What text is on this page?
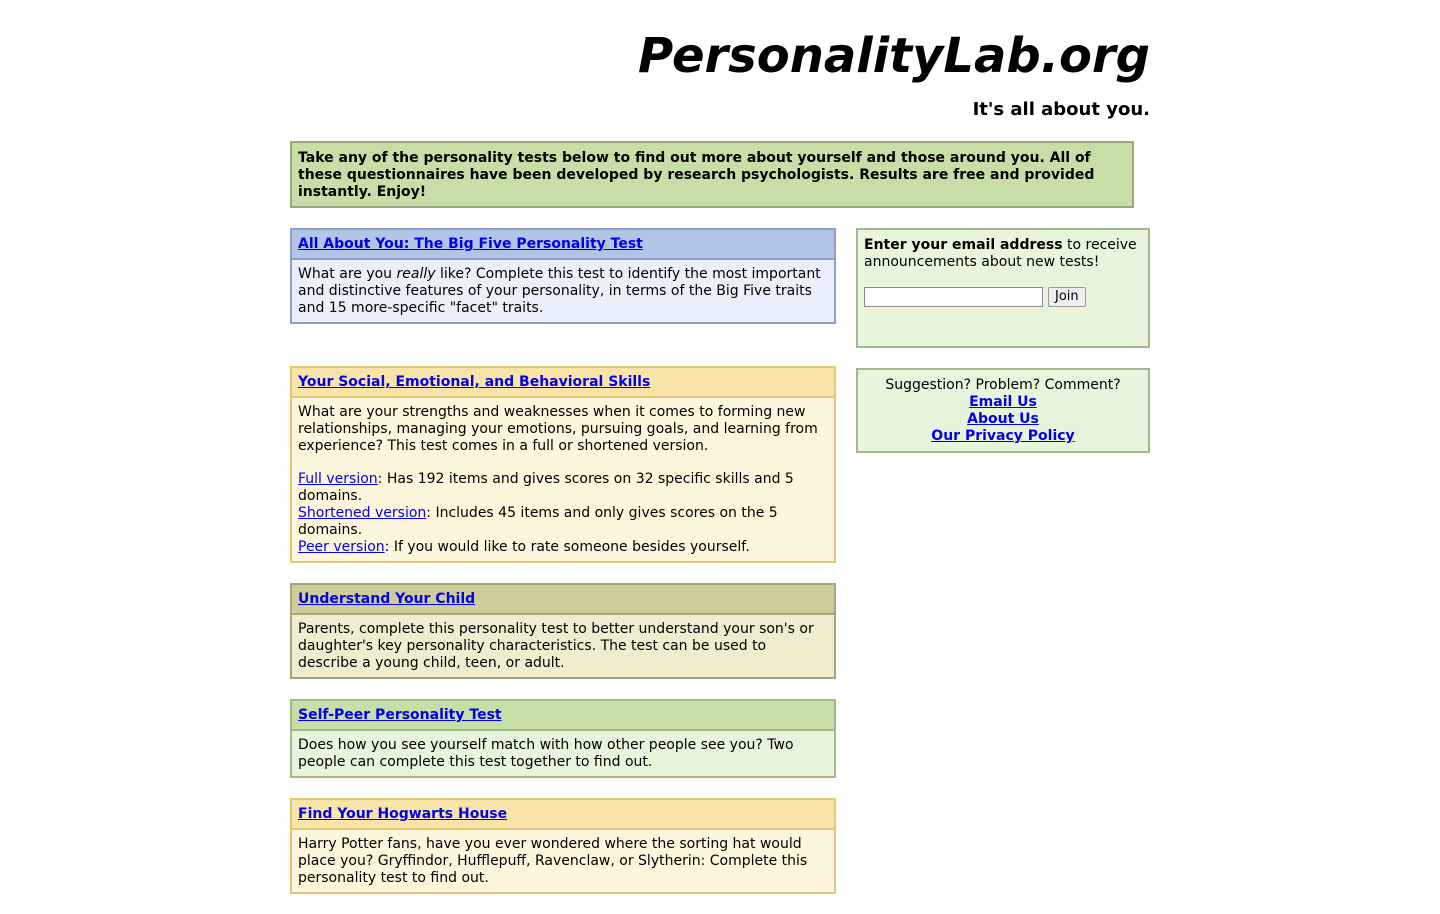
PersonalityLab.org
It's all about you.
Take any of the personality tests below to find out more about yourself and those around you. All of these questionnaires have been developed by research psychologists. Results are free and provided instantly. Enjoy!
All About You: The Big Five Personality Test

What are you really like? Complete this test to identify the most important and distinctive features of your personality, in terms of the Big Five traits and 15 more-specific "facet" traits.

Your Social, Emotional, and Behavioral Skills

What are your strengths and weaknesses when it comes to forming new relationships, managing your emotions, pursuing goals, and learning from experience? This test comes in a full or shortened version.

Full version: Has 192 items and gives scores on 32 specific skills and 5 domains.

Shortened version: Includes 45 items and only gives scores on the 5 domains.

Peer version: If you would like to rate someone besides yourself.

Understand Your Child

Parents, complete this personality test to better understand your son's or daughter's key personality characteristics. The test can be used to describe a young child, teen, or adult.

Self-Peer Personality Test

Does how you see yourself match with how other people see you? Two people can complete this test together to find out.

Find Your Hogwarts House

Harry Potter fans, have you ever wondered where the sorting hat would place you? Gryffindor, Hufflepuff, Ravenclaw, or Slytherin: Complete this personality test to find out.

Enter your email address to receive announcements about new tests!
Join
Suggestion? Problem? Comment?
Email Us
About Us
Our Privacy Policy
